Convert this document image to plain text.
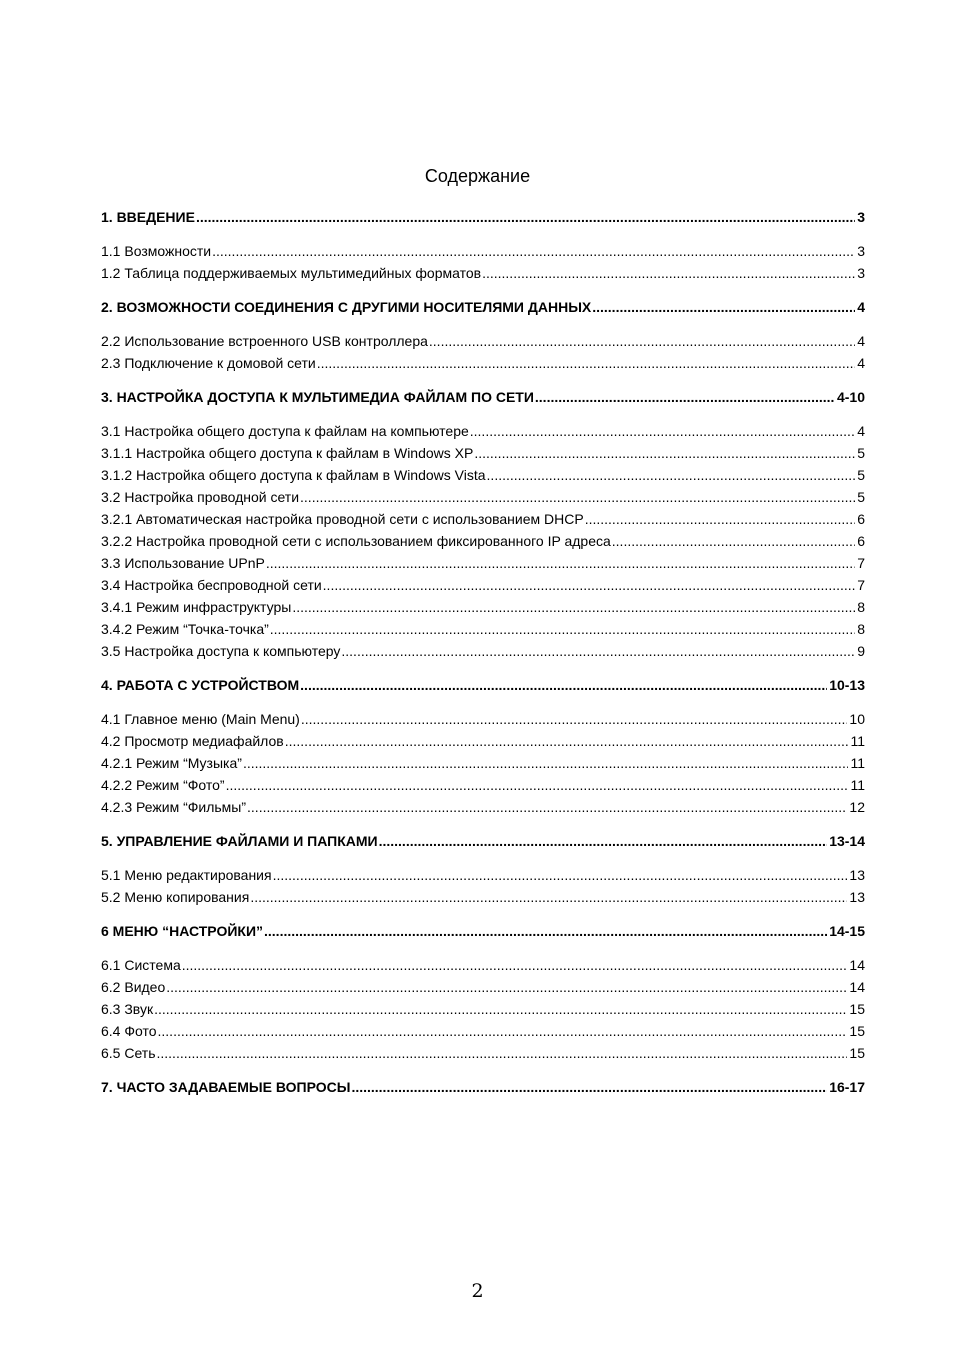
Содержание
1. ВВЕДЕНИЕ .....	3
1.1 Возможности .....	3
1.2 Таблица поддерживаемых мультимедийных форматов .....	3
2. ВОЗМОЖНОСТИ СОЕДИНЕНИЯ С ДРУГИМИ НОСИТЕЛЯМИ ДАННЫХ .....	4
2.2 Использование встроенного USB контроллера .....	4
2.3 Подключение к домовой сети .....	4
3. НАСТРОЙКА ДОСТУПА К МУЛЬТИМЕДИА ФАЙЛАМ ПО СЕТИ .....	4-10
3.1 Настройка общего доступа к файлам на компьютере .....	4
3.1.1 Настройка общего доступа к файлам в Windows XP .....	5
3.1.2 Настройка общего доступа к файлам в Windows Vista .....	5
3.2 Настройка проводной сети .....	5
3.2.1 Автоматическая настройка проводной сети с использованием DHCP .....	6
3.2.2 Настройка проводной сети с использованием фиксированного IP адреса .....	6
3.3 Использование UPnP .....	7
3.4 Настройка беспроводной сети .....	7
3.4.1 Режим инфраструктуры .....	8
3.4.2 Режим “Точка-точка” .....	8
3.5 Настройка доступа к компьютеру .....	9
4. РАБОТА С УСТРОЙСТВОМ .....	10-13
4.1 Главное меню (Main Menu) .....	10
4.2 Просмотр медиафайлов .....	11
4.2.1 Режим “Музыка” .....	11
4.2.2 Режим “Фото” .....	11
4.2.3 Режим “Фильмы” .....	12
5. УПРАВЛЕНИЕ ФАЙЛАМИ И ПАПКАМИ .....	13-14
5.1 Меню редактирования .....	13
5.2 Меню копирования .....	13
6 МЕНЮ “НАСТРОЙКИ” .....	14-15
6.1 Система .....	14
6.2 Видео .....	14
6.3 Звук .....	15
6.4 Фото .....	15
6.5 Сеть .....	15
7. ЧАСТО ЗАДАВАЕМЫЕ ВОПРОСЫ .....	16-17
2
